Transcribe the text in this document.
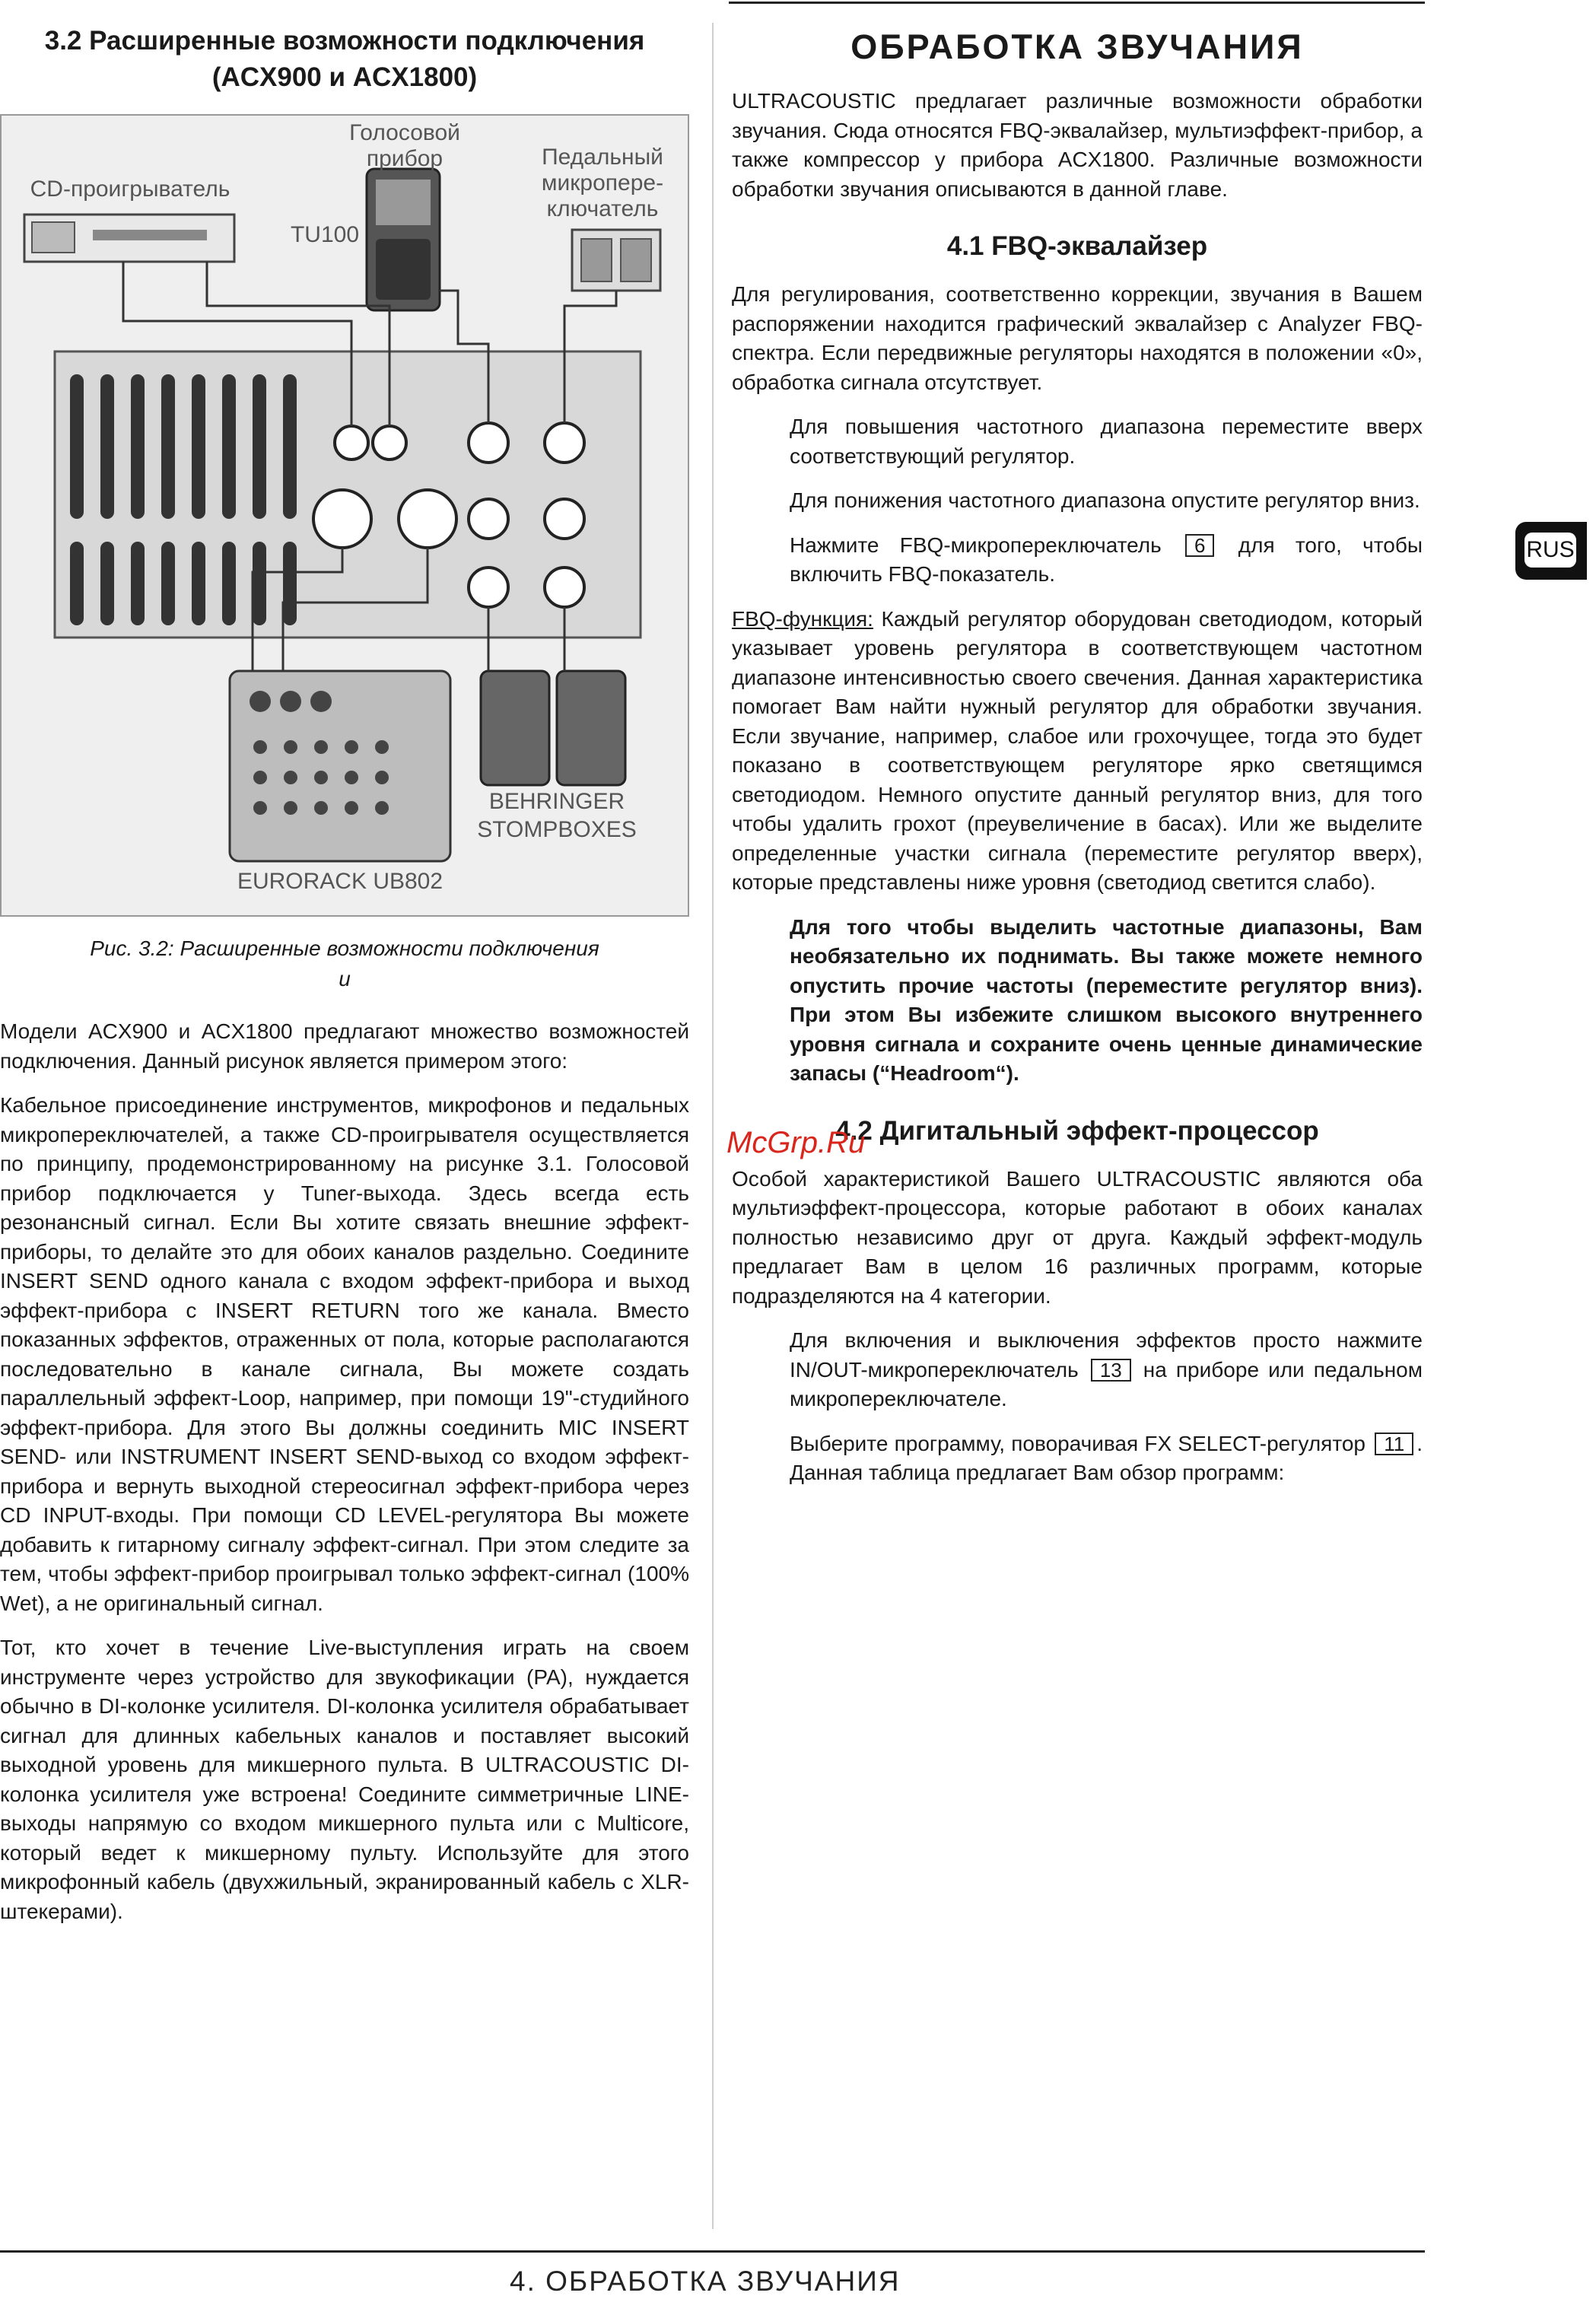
3.2 Расширенные возможности подключения
(ACX900 и ACX1800)
Голосовой прибор	Педальный микропере-ключатель
CD-проигрыватель
TU100
BEHRINGER
STOMPBOXES
EURORACK UB802
Рис. 3.2: Расширенные возможности подключения
и

Модели ACX900 и ACX1800 предлагают множество возможностей подключения. Данный рисунок является примером этого:

Кабельное присоединение инструментов, микрофонов и педальных микропереключателей, а также CD-проигрывателя осуществляется по принципу, продемонстрированному на рисунке 3.1. Голосовой прибор подключается у Tuner-выхода. Здесь всегда есть резонансный сигнал. Если Вы хотите связать внешние эффект-приборы, то делайте это для обоих каналов раздельно. Соедините INSERT SEND одного канала с входом эффект-прибора и выход эффект-прибора с INSERT RETURN того же канала. Вместо показанных эффектов, отраженных от пола, которые располагаются последовательно в канале сигнала, Вы можете создать параллельный эффект-Loop, например, при помощи 19"-студийного эффект-прибора. Для этого Вы должны соединить MIC INSERT SEND- или INSTRUMENT INSERT SEND-выход со входом эффект-прибора и вернуть выходной стереосигнал эффект-прибора через CD INPUT-входы. При помощи CD LEVEL-регулятора Вы можете добавить к гитарному сигналу эффект-сигнал. При этом следите за тем, чтобы эффект-прибор проигрывал только эффект-сигнал (100% Wet), а не оригинальный сигнал.

Тот, кто хочет в течение Live-выступления играть на своем инструменте через устройство для звукофикации (PA), нуждается обычно в DI-колонке усилителя. DI-колонка усилителя обрабатывает сигнал для длинных кабельных каналов и поставляет высокий выходной уровень для микшерного пульта. В ULTRACOUSTIC DI-колонка усилителя уже встроена! Соедините симметричные LINE-выходы напрямую со входом микшерного пульта или с Multicore, который ведет к микшерному пульту. Используйте для этого микрофонный кабель (двухжильный, экранированный кабель с XLR-штекерами).

ОБРАБОТКА ЗВУЧАНИЯ

ULTRACOUSTIC предлагает различные возможности обработки звучания. Сюда относятся FBQ-эквалайзер, мультиэффект-прибор, а также компрессор у прибора ACX1800. Различные возможности обработки звучания описываются в данной главе.

4.1 FBQ-эквалайзер

Для регулирования, соответственно коррекции, звучания в Вашем распоряжении находится графический эквалайзер с Analyzer FBQ-спектра. Если передвижные регуляторы находятся в положении «0», обработка сигнала отсутствует.

Для повышения частотного диапазона переместите вверх соответствующий регулятор.

Для понижения частотного диапазона опустите регулятор вниз.

Нажмите FBQ-микропереключатель 6 для того, чтобы включить FBQ-показатель.

FBQ-функция: Каждый регулятор оборудован светодиодом, который указывает уровень регулятора в соответствующем частотном диапазоне интенсивностью своего свечения. Данная характеристика помогает Вам найти нужный регулятор для обработки звучания. Если звучание, например, слабое или грохочущее, тогда это будет показано в соответствующем регуляторе ярко светящимся светодиодом. Немного опустите данный регулятор вниз, для того чтобы удалить грохот (преувеличение в басах). Или же выделите определенные участки сигнала (переместите регулятор вверх), которые представлены ниже уровня (светодиод светится слабо).

Для того чтобы выделить частотные диапазоны, Вам необязательно их поднимать. Вы также можете немного опустить прочие частоты (переместите регулятор вниз). При этом Вы избежите слишком высокого внутреннего уровня сигнала и сохраните очень ценные динамические запасы (“Headroom“).

4.2 Дигитальный эффект-процессор

Особой характеристикой Вашего ULTRACOUSTIC являются оба мультиэффект-процессора, которые работают в обоих каналах полностью независимо друг от друга. Каждый эффект-модуль предлагает Вам в целом 16 различных программ, которые подразделяются на 4 категории.

Для включения и выключения эффектов просто нажмите IN/OUT-микропереключатель 13 на приборе или педальном микропереключателе.

Выберите программу, поворачивая FX SELECT-регулятор 11 . Данная таблица предлагает Вам обзор программ:

McGrp.Ru
RUS
4. ОБРАБОТКА ЗВУЧАНИЯ
